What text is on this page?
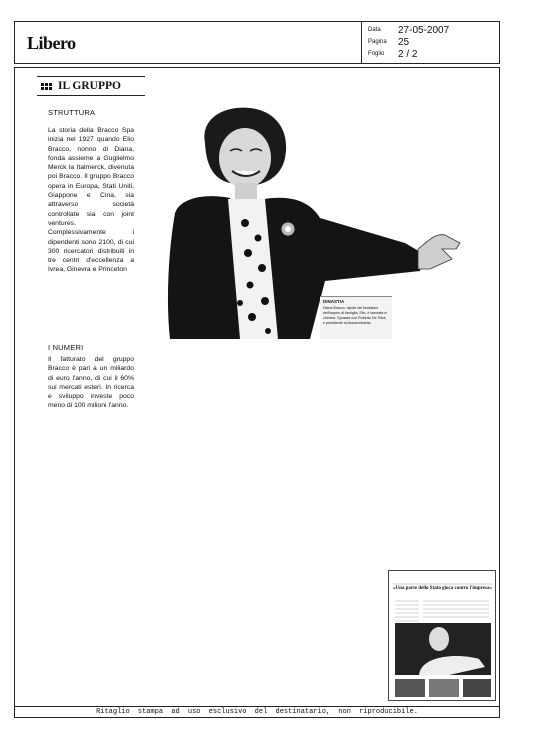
Libero
Data	27-05-2007
Pagina	25
Foglio	2 / 2
IL GRUPPO
STRUTTURA
La storia della Bracco Spa inizia nel 1927 quando Elio Bracco, nonno di Diana, fonda assieme a Guglielmo Merck la Italmerck, divenuta poi Bracco. Il gruppo Bracco opera in Europa, Stati Uniti, Giappone e Cina, sia attraverso società controllate sia con joint ventures. Complessivamente i dipendenti sono 2100, di cui 300 ricercatori distribuiti in tre centri d'eccellenza a Ivrea, Ginevra e Princeton
I NUMERI
Il fatturato del gruppo Bracco è pari a un miliardo di euro l'anno, di cui il 60% sui mercati esteri. In ricerca e sviluppo investe poco meno di 100 milioni l'anno.
DINASTIA
Diana Bracco, nipote del fondatore dell'impero di famiglia, Elio, è laureata in chimica. Sposata con Roberto De Silva, è presidente di Assolombarda.
«Una parte dello Stato gioca contro l'impresa»
Ritaglio stampa ad uso esclusivo del destinatario, non riproducibile.
